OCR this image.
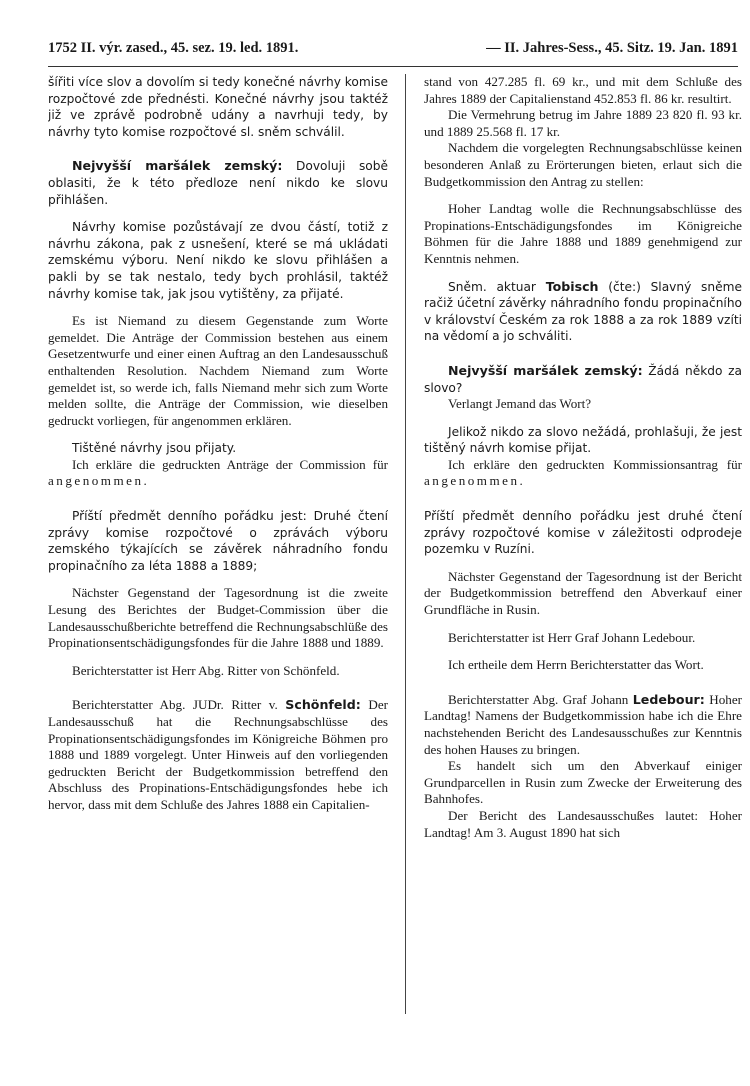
1752 II. výr. zased., 45. sez. 19. led. 1891.	— II. Jahres-Sess., 45. Sitz. 19. Jan. 1891

šířiti více slov a dovolím si tedy konečné návrhy komise rozpočtové zde přednésti. Konečné návrhy jsou taktéž již ve zprávě podrobně udány a navrhuji tedy, by návrhy tyto komise rozpočtové sl. sněm schválil.

Nejvyšší maršálek zemský: Dovoluji sobě oblasiti, že k této předloze není nikdo ke slovu přihlášen.

Návrhy komise pozůstávají ze dvou částí, totiž z návrhu zákona, pak z usnešení, které se má ukládati zemskému výboru. Není nikdo ke slovu přihlášen a pakli by se tak nestalo, tedy bych prohlásil, taktéž návrhy komise tak, jak jsou vytištěny, za přijaté.

Es ist Niemand zu diesem Gegenstande zum Worte gemeldet. Die Anträge der Commission bestehen aus einem Gesetzentwurfe und einer einen Auftrag an den Landesausschuß enthaltenden Resolution. Nachdem Niemand zum Worte gemeldet ist, so werde ich, falls Niemand mehr sich zum Worte melden sollte, die Anträge der Commission, wie dieselben gedruckt vorliegen, für angenommen erklären.

Tištěné návrhy jsou přijaty.

Ich erkläre die gedruckten Anträge der Commission für angenommen.

Příští předmět denního pořádku jest: Druhé čtení zprávy komise rozpočtové o zprávách výboru zemského týkajících se závěrek náhradního fondu propinačního za léta 1888 a 1889;

Nächster Gegenstand der Tagesordnung ist die zweite Lesung des Berichtes der Budget-Commission über die Landesausschußberichte betreffend die Rechnungsabschlüße des Propinationsentschädigungsfondes für die Jahre 1888 und 1889.

Berichterstatter ist Herr Abg. Ritter von Schönfeld.

Berichterstatter Abg. JUDr. Ritter v. Schönfeld: Der Landesausschuß hat die Rechnungsabschlüsse des Propinationsentschädigungsfondes im Königreiche Böhmen pro 1888 und 1889 vorgelegt. Unter Hinweis auf den vorliegenden gedruckten Bericht der Budgetkommission betreffend den Abschluss des Propinations-Entschädigungsfondes hebe ich hervor, dass mit dem Schluße des Jahres 1888 ein Capitalien-

stand von 427.285 fl. 69 kr., und mit dem Schluße des Jahres 1889 der Capitalienstand 452.853 fl. 86 kr. resultirt.

Die Vermehrung betrug im Jahre 1889 23 820 fl. 93 kr. und 1889 25.568 fl. 17 kr.

Nachdem die vorgelegten Rechnungsabschlüsse keinen besonderen Anlaß zu Erörterungen bieten, erlaut sich die Budgetkommission den Antrag zu stellen:

Hoher Landtag wolle die Rechnungsabschlüsse des Propinations-Entschädigungsfondes im Königreiche Böhmen für die Jahre 1888 und 1889 genehmigend zur Kenntnis nehmen.

Sněm. aktuar Tobisch (čte:) Slavný sněme račiž účetní závěrky náhradního fondu propinačního v království Českém za rok 1888 a za rok 1889 vzíti na vědomí a jo schváliti.

Nejvyšší maršálek zemský: Žádá někdo za slovo?

Verlangt Jemand das Wort?

Jelikož nikdo za slovo nežádá, prohlašuji, že jest tištěný návrh komise přijat.

Ich erkläre den gedruckten Kommissionsantrag für angenommen.

Příští předmět denního pořádku jest druhé čtení zprávy rozpočtové komise v záležitosti odprodeje pozemku v Ruzíni.

Nächster Gegenstand der Tagesordnung ist der Bericht der Budgetkommission betreffend den Abverkauf einer Grundfläche in Rusin.

Berichterstatter ist Herr Graf Johann Ledebour.

Ich ertheile dem Herrn Berichterstatter das Wort.

Berichterstatter Abg. Graf Johann Ledebour: Hoher Landtag! Namens der Budgetkommission habe ich die Ehre nachstehenden Bericht des Landesausschußes zur Kenntnis des hohen Hauses zu bringen.

Es handelt sich um den Abverkauf einiger Grundparcellen in Rusin zum Zwecke der Erweiterung des Bahnhofes.

Der Bericht des Landesausschußes lautet: Hoher Landtag! Am 3. August 1890 hat sich
